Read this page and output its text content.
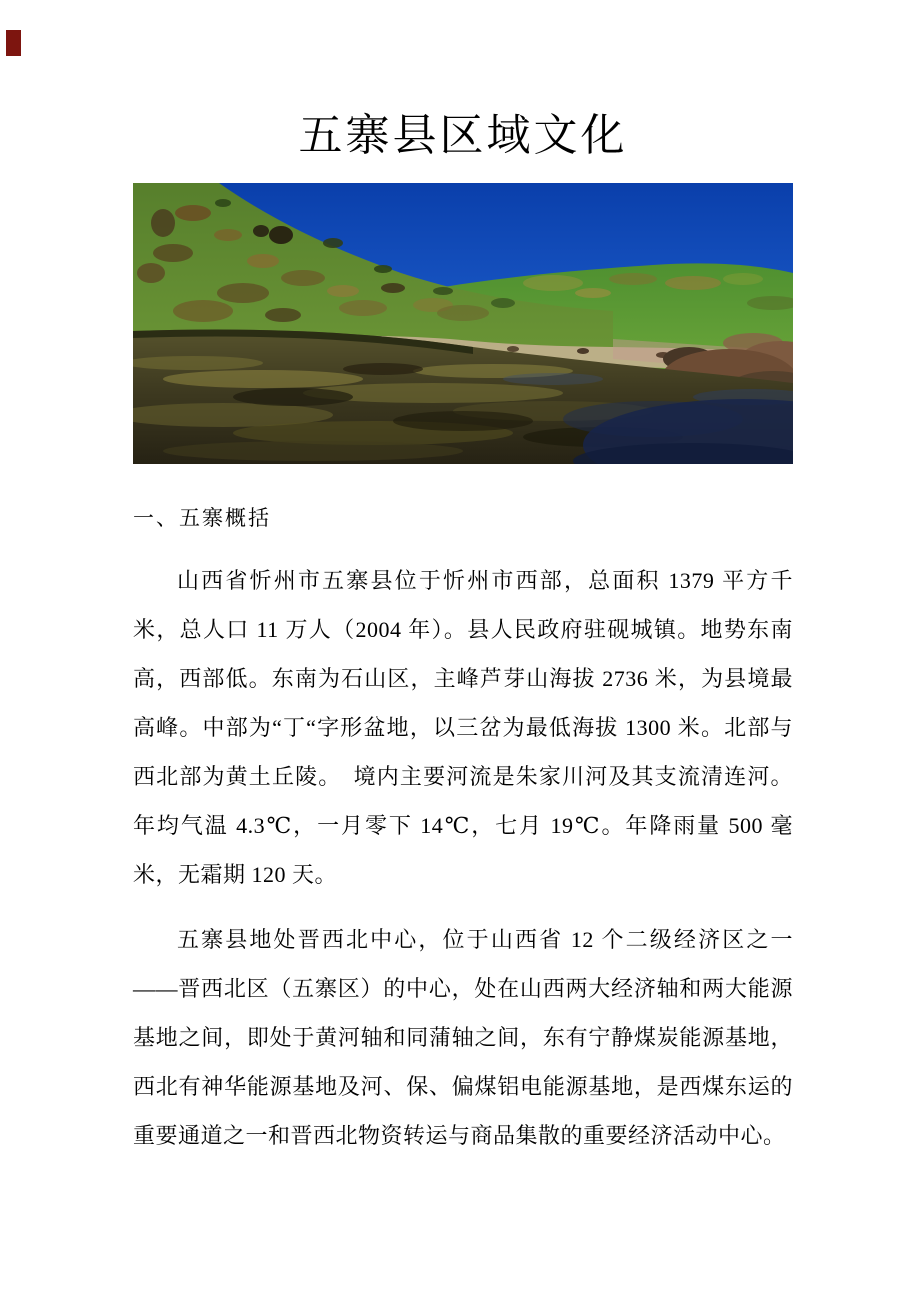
五寨县区域文化
一、五寨概括

山西省忻州市五寨县位于忻州市西部，总面积 1379 平方千米，总人口 11 万人（2004 年）。县人民政府驻砚城镇。地势东南高，西部低。东南为石山区，主峰芦芽山海拔 2736 米，为县境最高峰。中部为“丁“字形盆地，以三岔为最低海拔 1300 米。北部与西北部为黄土丘陵。　境内主要河流是朱家川河及其支流清连河。年均气温 4.3℃，一月零下 14℃，七月 19℃。年降雨量 500 毫米，无霜期 120 天。

五寨县地处晋西北中心，位于山西省 12 个二级经济区之一——晋西北区（五寨区）的中心，处在山西两大经济轴和两大能源基地之间，即处于黄河轴和同蒲轴之间，东有宁静煤炭能源基地，西北有神华能源基地及河、保、偏煤铝电能源基地，是西煤东运的重要通道之一和晋西北物资转运与商品集散的重要经济活动中心。
